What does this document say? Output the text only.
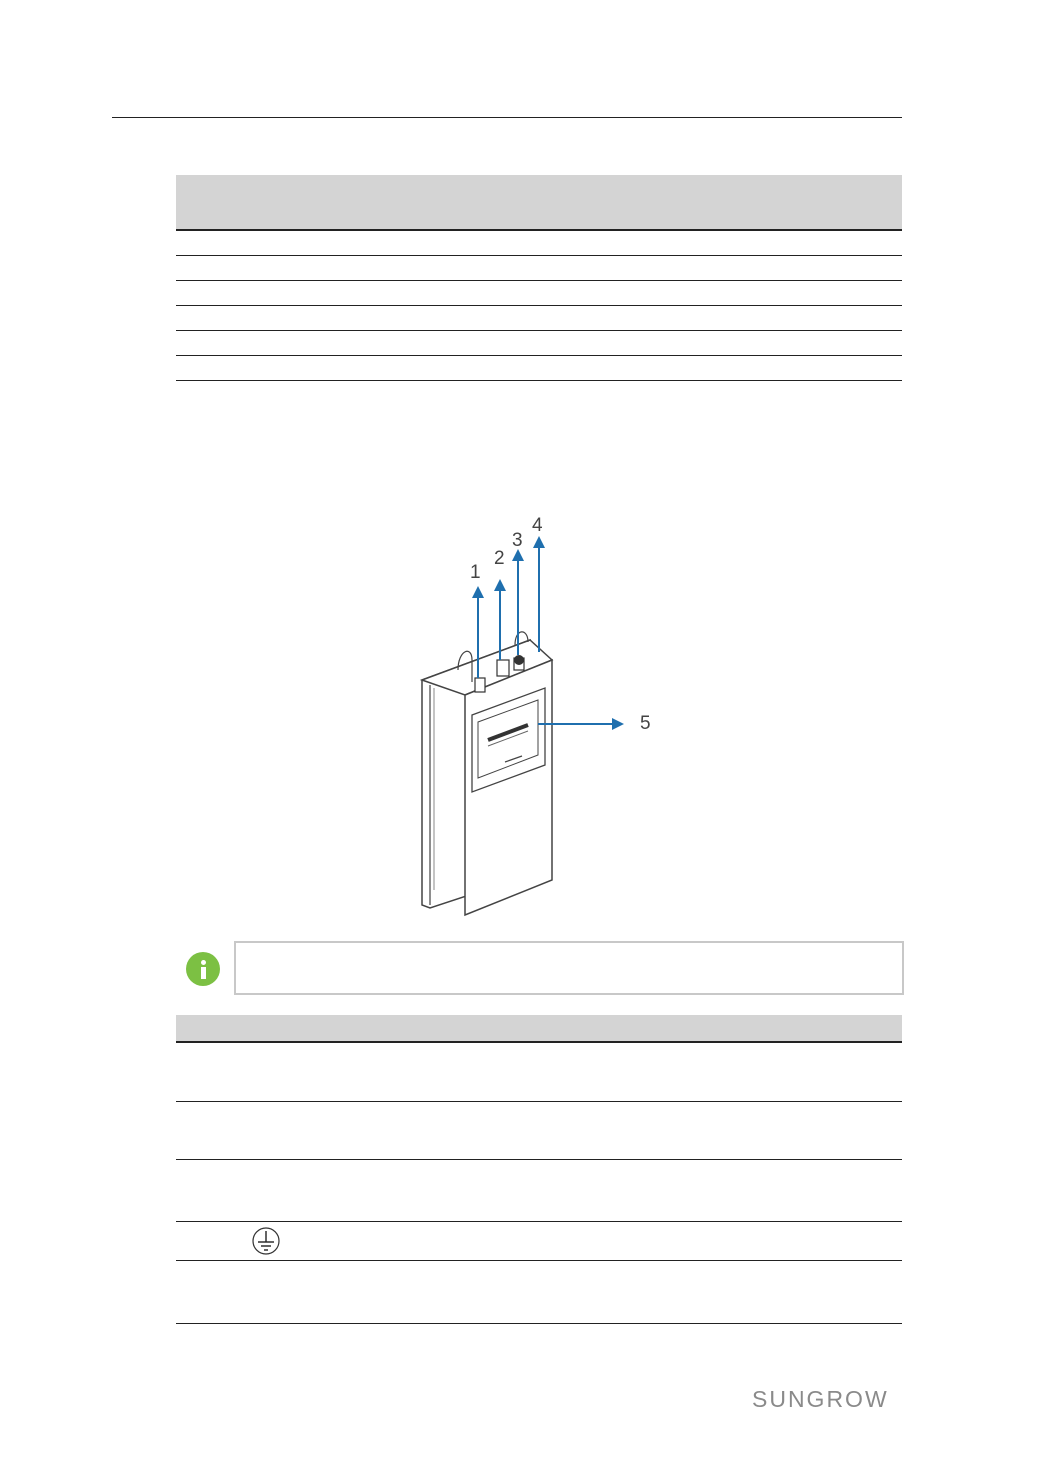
1
2
3
4
5
SUNGROW
